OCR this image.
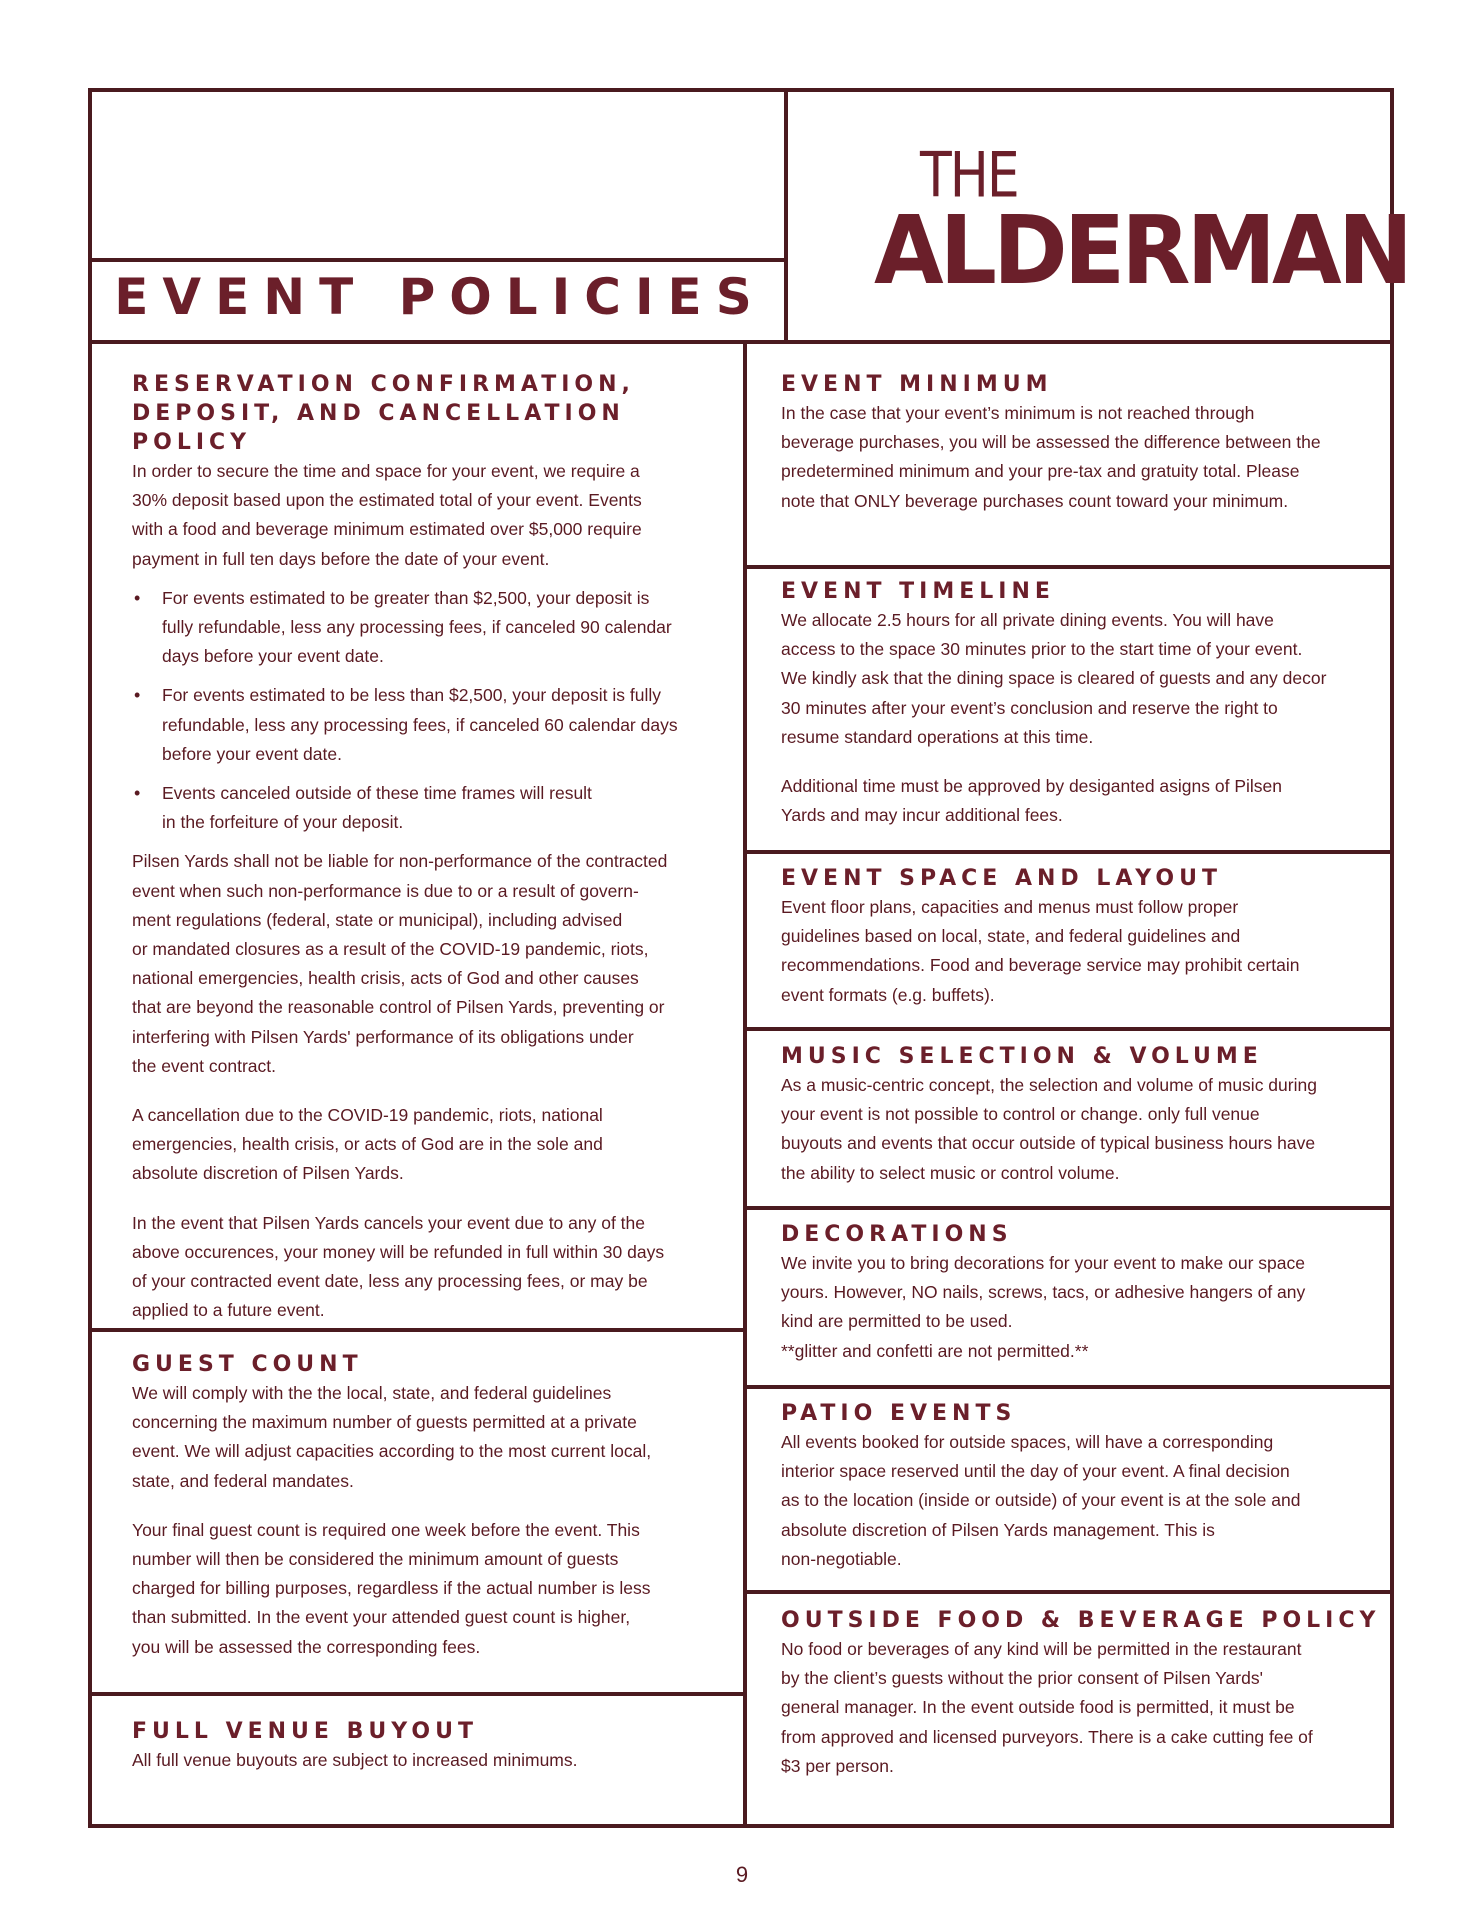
EVENT POLICIES
THE
ALDERMAN
RESERVATION CONFIRMATION,
DEPOSIT, AND CANCELLATION POLICY

In order to secure the time and space for your event, we require a
30% deposit based upon the estimated total of your event. Events
with a food and beverage minimum estimated over $5,000 require
payment in full ten days before the date of your event.

• For events estimated to be greater than $2,500, your deposit is
fully refundable, less any processing fees, if canceled 90 calendar
days before your event date.
• For events estimated to be less than $2,500, your deposit is fully
refundable, less any processing fees, if canceled 60 calendar days
before your event date.
• Events canceled outside of these time frames will result
in the forfeiture of your deposit.

Pilsen Yards shall not be liable for non-performance of the contracted
event when such non-performance is due to or a result of govern-
ment regulations (federal, state or municipal), including advised
or mandated closures as a result of the COVID-19 pandemic, riots,
national emergencies, health crisis, acts of God and other causes
that are beyond the reasonable control of Pilsen Yards, preventing or
interfering with Pilsen Yards' performance of its obligations under
the event contract.

A cancellation due to the COVID-19 pandemic, riots, national
emergencies, health crisis, or acts of God are in the sole and
absolute discretion of Pilsen Yards.

In the event that Pilsen Yards cancels your event due to any of the
above occurences, your money will be refunded in full within 30 days
of your contracted event date, less any processing fees, or may be
applied to a future event.

GUEST COUNT

We will comply with the the local, state, and federal guidelines
concerning the maximum number of guests permitted at a private
event. We will adjust capacities according to the most current local,
state, and federal mandates.

Your final guest count is required one week before the event. This
number will then be considered the minimum amount of guests
charged for billing purposes, regardless if the actual number is less
than submitted. In the event your attended guest count is higher,
you will be assessed the corresponding fees.

FULL VENUE BUYOUT

All full venue buyouts are subject to increased minimums.

EVENT MINIMUM

In the case that your event’s minimum is not reached through
beverage purchases, you will be assessed the difference between the
predetermined minimum and your pre-tax and gratuity total. Please
note that ONLY beverage purchases count toward your minimum.

EVENT TIMELINE

We allocate 2.5 hours for all private dining events. You will have
access to the space 30 minutes prior to the start time of your event.
We kindly ask that the dining space is cleared of guests and any decor
30 minutes after your event’s conclusion and reserve the right to
resume standard operations at this time.

Additional time must be approved by desiganted asigns of Pilsen
Yards and may incur additional fees.

EVENT SPACE AND LAYOUT

Event floor plans, capacities and menus must follow proper
guidelines based on local, state, and federal guidelines and
recommendations. Food and beverage service may prohibit certain
event formats (e.g. buffets).

MUSIC SELECTION & VOLUME

As a music-centric concept, the selection and volume of music during
your event is not possible to control or change. only full venue
buyouts and events that occur outside of typical business hours have
the ability to select music or control volume.

DECORATIONS

We invite you to bring decorations for your event to make our space
yours. However, NO nails, screws, tacs, or adhesive hangers of any
kind are permitted to be used.
**glitter and confetti are not permitted.**

PATIO EVENTS

All events booked for outside spaces, will have a corresponding
interior space reserved until the day of your event. A final decision
as to the location (inside or outside) of your event is at the sole and
absolute discretion of Pilsen Yards management. This is
non-negotiable.

OUTSIDE FOOD & BEVERAGE POLICY

No food or beverages of any kind will be permitted in the restaurant
by the client’s guests without the prior consent of Pilsen Yards'
general manager. In the event outside food is permitted, it must be
from approved and licensed purveyors. There is a cake cutting fee of
$3 per person.

9
